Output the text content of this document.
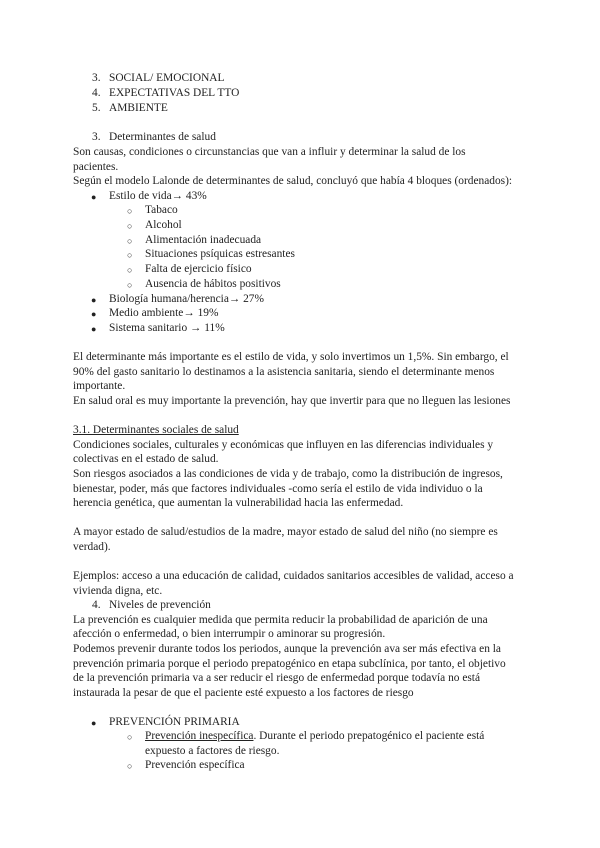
3. SOCIAL/ EMOCIONAL
4. EXPECTATIVAS DEL TTO
5. AMBIENTE
3. Determinantes de salud
Son causas, condiciones o circunstancias que van a influir y determinar la salud de los
pacientes.
Según el modelo Lalonde de determinantes de salud, concluyó que había 4 bloques (ordenados):
● Estilo de vida→ 43%
○ Tabaco
○ Alcohol
○ Alimentación inadecuada
○ Situaciones psíquicas estresantes
○ Falta de ejercicio físico
○ Ausencia de hábitos positivos
● Biología humana/herencia→ 27%
● Medio ambiente→ 19%
● Sistema sanitario → 11%
El determinante más importante es el estilo de vida, y solo invertimos un 1,5%. Sin embargo, el
90% del gasto sanitario lo destinamos a la asistencia sanitaria, siendo el determinante menos
importante.
En salud oral es muy importante la prevención, hay que invertir para que no lleguen las lesiones
3.1. Determinantes sociales de salud
Condiciones sociales, culturales y económicas que influyen en las diferencias individuales y
colectivas en el estado de salud.
Son riesgos asociados a las condiciones de vida y de trabajo, como la distribución de ingresos,
bienestar, poder, más que factores individuales -como sería el estilo de vida individuo o la
herencia genética, que aumentan la vulnerabilidad hacia las enfermedad.
A mayor estado de salud/estudios de la madre, mayor estado de salud del niño (no siempre es
verdad).
Ejemplos: acceso a una educación de calidad, cuidados sanitarios accesibles de validad, acceso a
vivienda digna, etc.
4. Niveles de prevención
La prevención es cualquier medida que permita reducir la probabilidad de aparición de una
afección o enfermedad, o bien interrumpir o aminorar su progresión.
Podemos prevenir durante todos los periodos, aunque la prevención ava ser más efectiva en la
prevención primaria porque el periodo prepatogénico en etapa subclínica, por tanto, el objetivo
de la prevención primaria va a ser reducir el riesgo de enfermedad porque todavía no está
instaurada la pesar de que el paciente esté expuesto a los factores de riesgo
● PREVENCIÓN PRIMARIA
○ Prevención inespecífica. Durante el periodo prepatogénico el paciente está
expuesto a factores de riesgo.
○ Prevención específica
